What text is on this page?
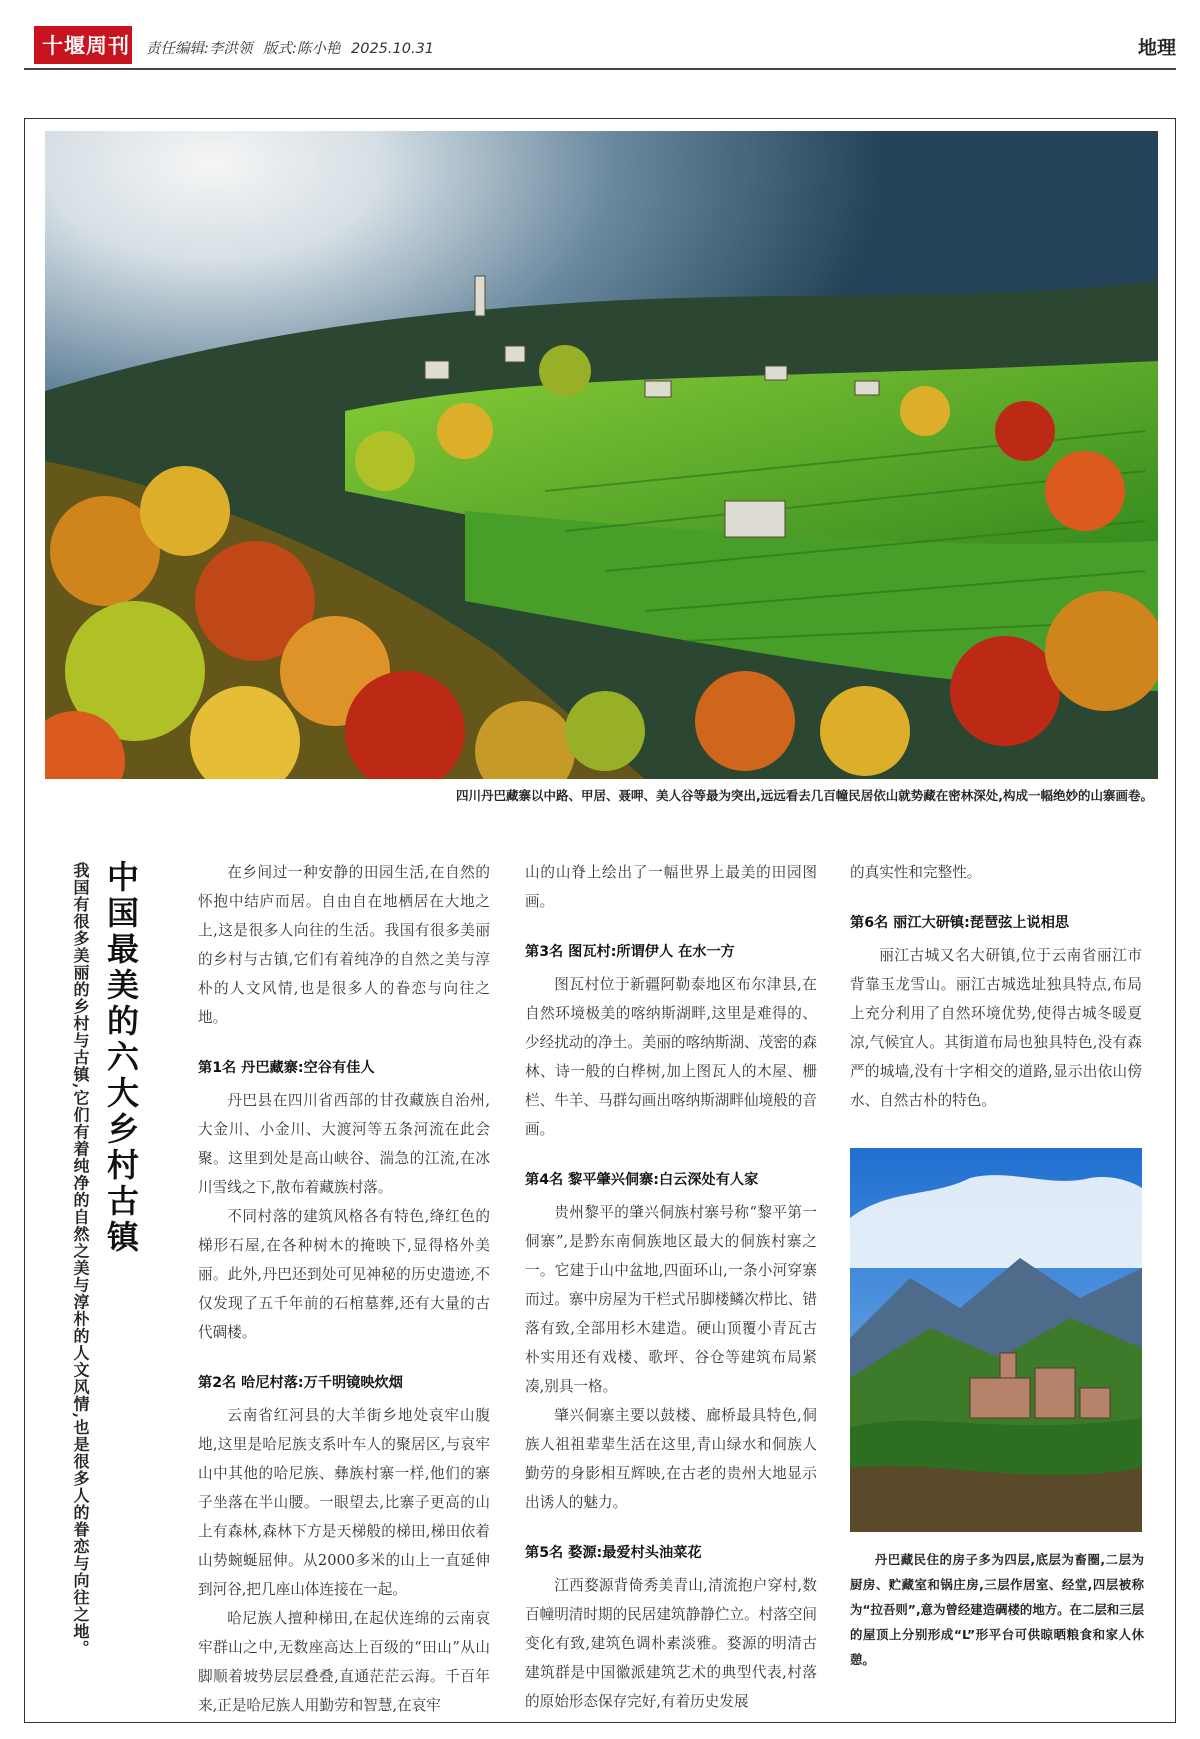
十堰周刊 责任编辑:李洪领 版式:陈小艳 2025.10.31	地理
四川丹巴藏寨以中路、甲居、聂呷、美人谷等最为突出,远远看去几百幢民居依山就势藏在密林深处,构成一幅绝妙的山寨画卷。
中国最美的六大乡村古镇
我国有很多美丽的乡村与古镇,它们有着纯净的自然之美与淳朴的人文风情,也是很多人的眷恋与向往之地。	在乡间过一种安静的田园生活,在自然的怀抱中结庐而居。自由自在地栖居在大地之上,这是很多人向往的生活。我国有很多美丽的乡村与古镇,它们有着纯净的自然之美与淳朴的人文风情,也是很多人的眷恋与向往之地。

第1名 丹巴藏寨:空谷有佳人

丹巴县在四川省西部的甘孜藏族自治州,大金川、小金川、大渡河等五条河流在此会聚。这里到处是高山峡谷、湍急的江流,在冰川雪线之下,散布着藏族村落。

不同村落的建筑风格各有特色,绛红色的梯形石屋,在各种树木的掩映下,显得格外美丽。此外,丹巴还到处可见神秘的历史遗迹,不仅发现了五千年前的石棺墓葬,还有大量的古代碉楼。

第2名 哈尼村落:万千明镜映炊烟

云南省红河县的大羊街乡地处哀牢山腹地,这里是哈尼族支系叶车人的聚居区,与哀牢山中其他的哈尼族、彝族村寨一样,他们的寨子坐落在半山腰。一眼望去,比寨子更高的山上有森林,森林下方是天梯般的梯田,梯田依着山势蜿蜒屈伸。从2000多米的山上一直延伸到河谷,把几座山体连接在一起。

哈尼族人擅种梯田,在起伏连绵的云南哀牢群山之中,无数座高达上百级的“田山”从山脚顺着坡势层层叠叠,直通茫茫云海。千百年来,正是哈尼族人用勤劳和智慧,在哀牢

山的山脊上绘出了一幅世界上最美的田园图画。

第3名 图瓦村:所谓伊人 在水一方

图瓦村位于新疆阿勒泰地区布尔津县,在自然环境极美的喀纳斯湖畔,这里是难得的、少经扰动的净土。美丽的喀纳斯湖、茂密的森林、诗一般的白桦树,加上图瓦人的木屋、栅栏、牛羊、马群勾画出喀纳斯湖畔仙境般的音画。

第4名 黎平肇兴侗寨:白云深处有人家

贵州黎平的肇兴侗族村寨号称“黎平第一侗寨”,是黔东南侗族地区最大的侗族村寨之一。它建于山中盆地,四面环山,一条小河穿寨而过。寨中房屋为干栏式吊脚楼鳞次栉比、错落有致,全部用杉木建造。硬山顶覆小青瓦古朴实用还有戏楼、歌坪、谷仓等建筑布局紧凑,别具一格。

肇兴侗寨主要以鼓楼、廊桥最具特色,侗族人祖祖辈辈生活在这里,青山绿水和侗族人勤劳的身影相互辉映,在古老的贵州大地显示出诱人的魅力。

第5名 婺源:最爱村头油菜花

江西婺源背倚秀美青山,清流抱户穿村,数百幢明清时期的民居建筑静静伫立。村落空间变化有致,建筑色调朴素淡雅。婺源的明清古建筑群是中国徽派建筑艺术的典型代表,村落的原始形态保存完好,有着历史发展

的真实性和完整性。

第6名 丽江大研镇:琵琶弦上说相思

丽江古城又名大研镇,位于云南省丽江市背靠玉龙雪山。丽江古城选址独具特点,布局上充分利用了自然环境优势,使得古城冬暖夏凉,气候宜人。其街道布局也独具特色,没有森严的城墙,没有十字相交的道路,显示出依山傍水、自然古朴的特色。

丹巴藏民住的房子多为四层,底层为畜圈,二层为厨房、贮藏室和锅庄房,三层作居室、经堂,四层被称为“拉吾则”,意为曾经建造碉楼的地方。在二层和三层的屋顶上分别形成“L”形平台可供晾晒粮食和家人休憩。
